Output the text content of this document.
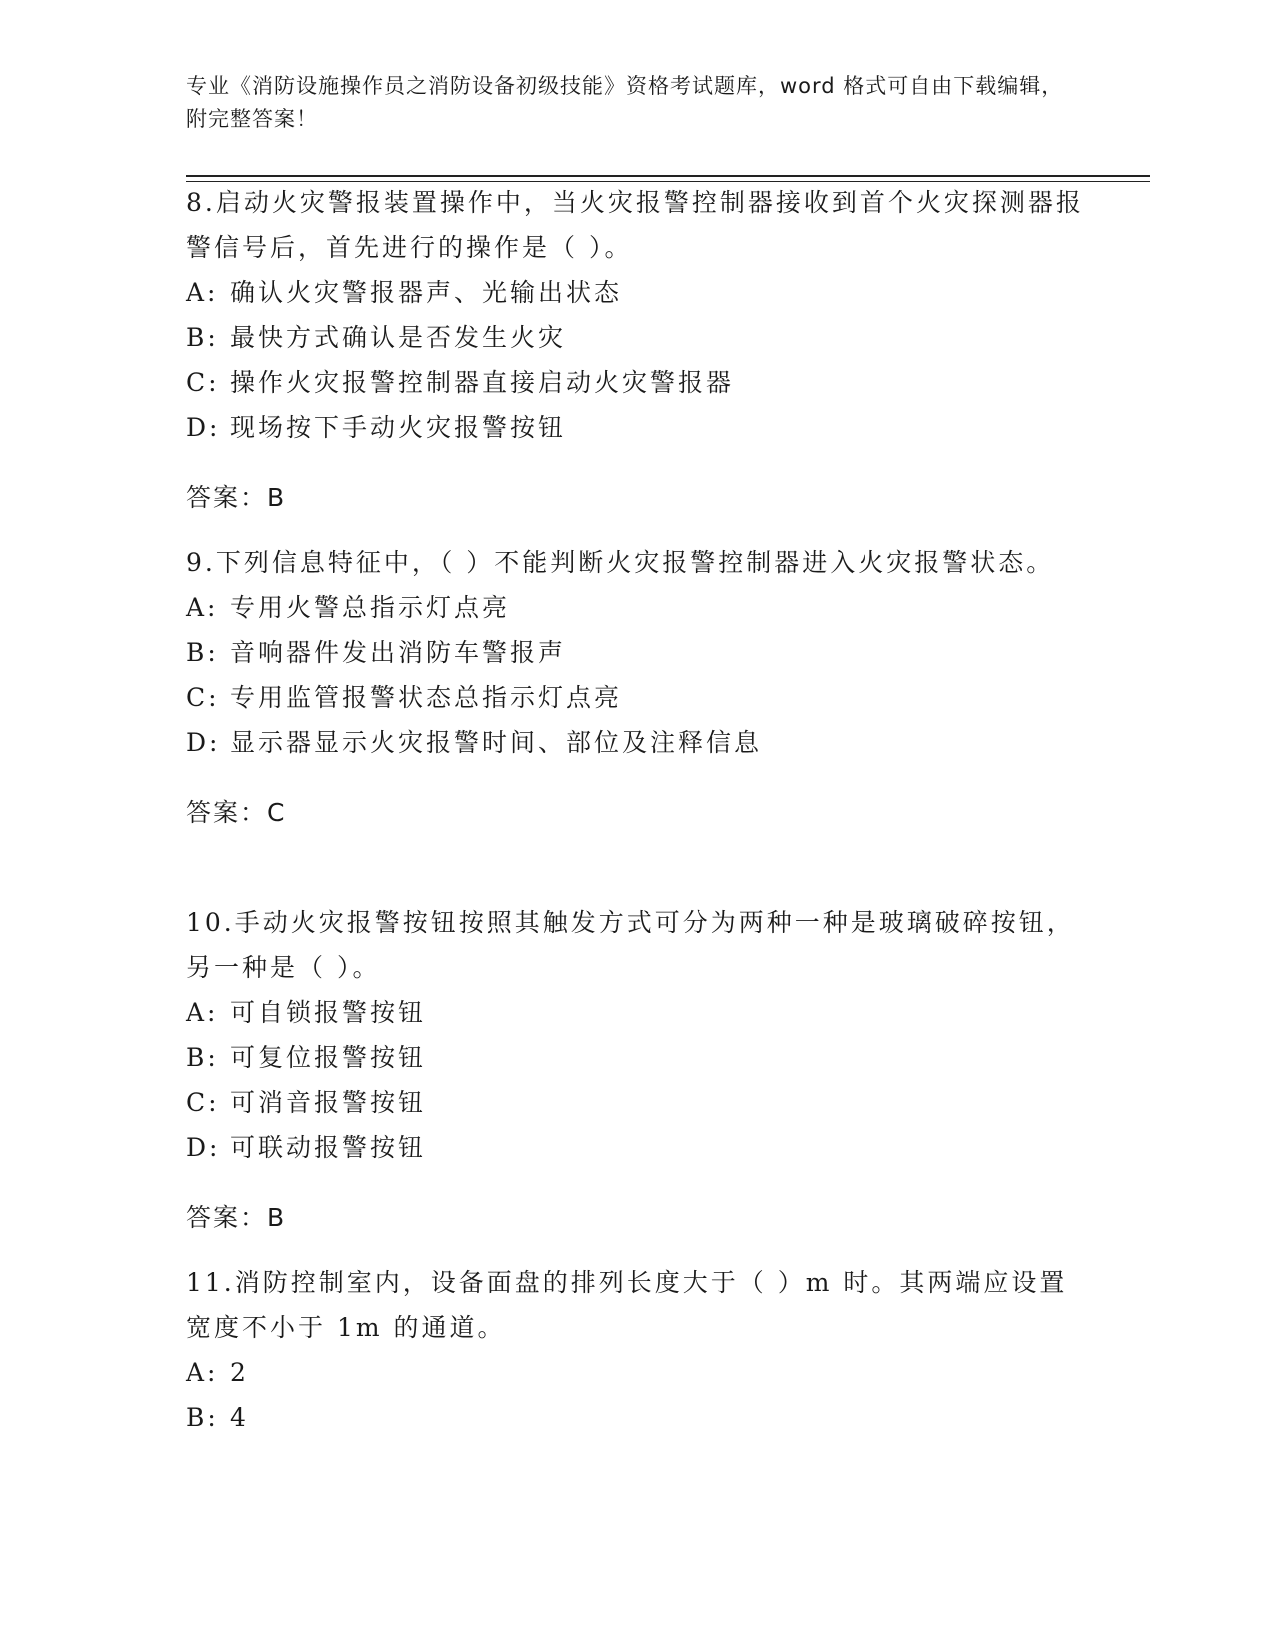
专业《消防设施操作员之消防设备初级技能》资格考试题库，word 格式可自由下载编辑，附完整答案！

8.启动火灾警报装置操作中，当火灾报警控制器接收到首个火灾探测器报警信号后，首先进行的操作是（ ）。

A: 确认火灾警报器声、光输出状态

B: 最快方式确认是否发生火灾

C: 操作火灾报警控制器直接启动火灾警报器

D: 现场按下手动火灾报警按钮

答案：B

9.下列信息特征中，（ ）不能判断火灾报警控制器进入火灾报警状态。

A: 专用火警总指示灯点亮

B: 音响器件发出消防车警报声

C: 专用监管报警状态总指示灯点亮

D: 显示器显示火灾报警时间、部位及注释信息

答案：C

10.手动火灾报警按钮按照其触发方式可分为两种一种是玻璃破碎按钮，另一种是（ ）。

A: 可自锁报警按钮

B: 可复位报警按钮

C: 可消音报警按钮

D: 可联动报警按钮

答案：B

11.消防控制室内，设备面盘的排列长度大于（ ）m 时。其两端应设置宽度不小于 1m 的通道。

A: 2

B: 4
